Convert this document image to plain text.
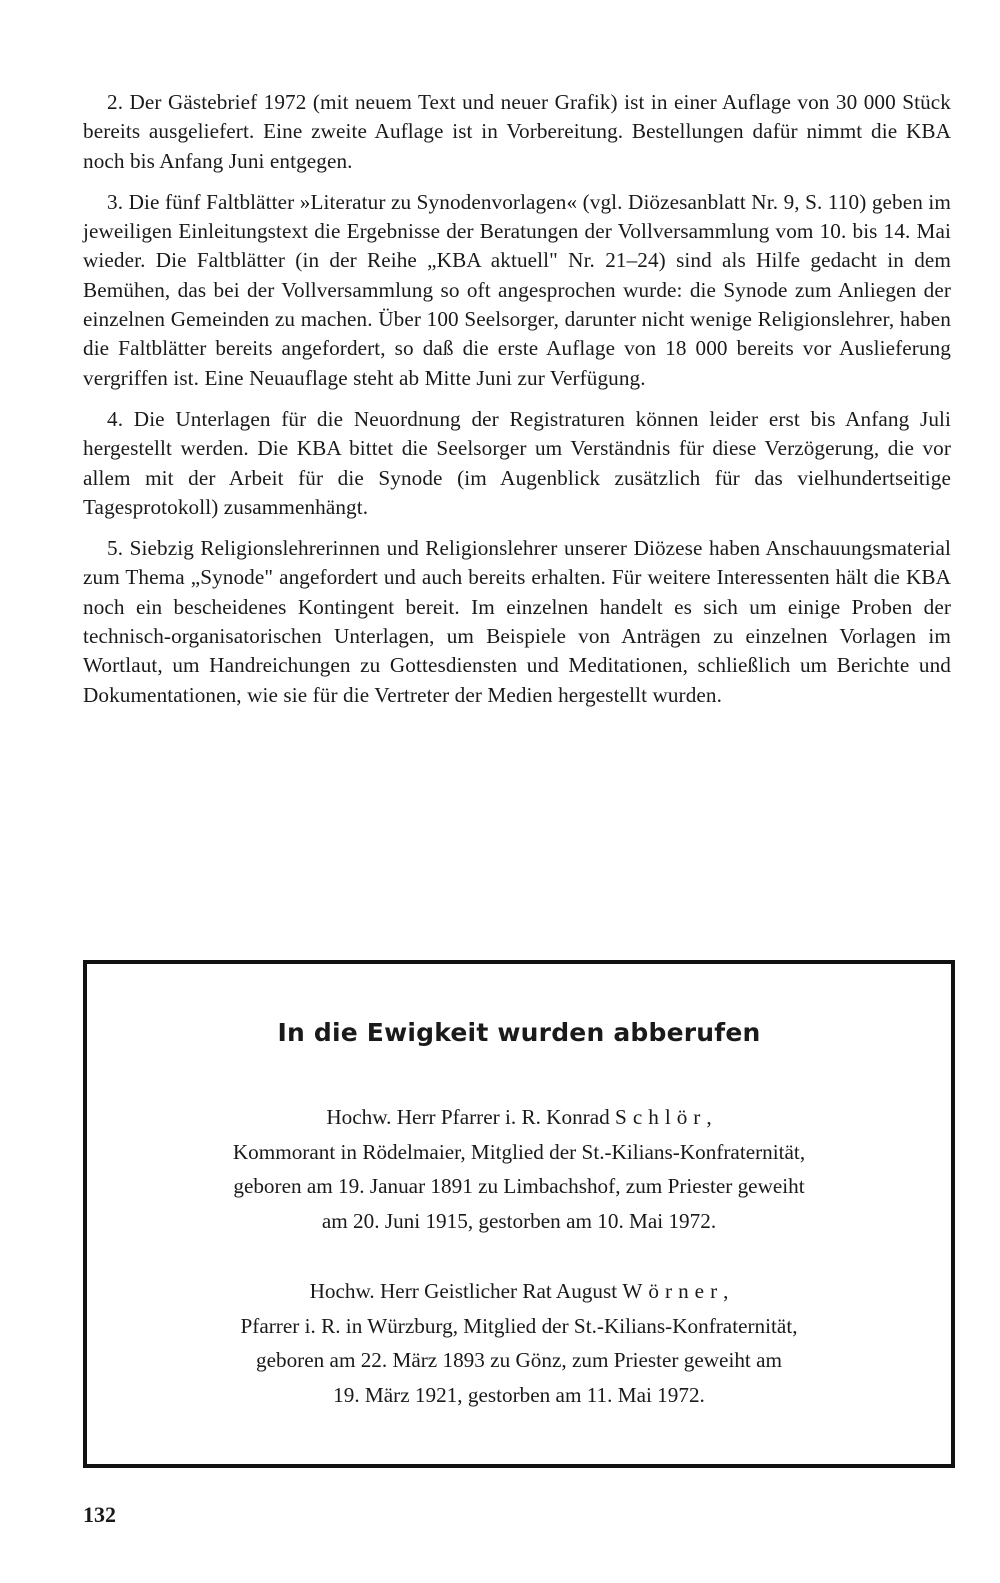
2. Der Gästebrief 1972 (mit neuem Text und neuer Grafik) ist in einer Auflage von 30 000 Stück bereits ausgeliefert. Eine zweite Auflage ist in Vorbereitung. Bestellungen dafür nimmt die KBA noch bis Anfang Juni entgegen.

3. Die fünf Faltblätter »Literatur zu Synodenvorlagen« (vgl. Diözesanblatt Nr. 9, S. 110) geben im jeweiligen Einleitungstext die Ergebnisse der Beratungen der Vollversammlung vom 10. bis 14. Mai wieder. Die Faltblätter (in der Reihe „KBA aktuell" Nr. 21–24) sind als Hilfe gedacht in dem Bemühen, das bei der Vollversammlung so oft angesprochen wurde: die Synode zum Anliegen der einzelnen Gemeinden zu machen. Über 100 Seelsorger, darunter nicht wenige Religionslehrer, haben die Faltblätter bereits angefordert, so daß die erste Auflage von 18 000 bereits vor Auslieferung vergriffen ist. Eine Neuauflage steht ab Mitte Juni zur Verfügung.

4. Die Unterlagen für die Neuordnung der Registraturen können leider erst bis Anfang Juli hergestellt werden. Die KBA bittet die Seelsorger um Verständnis für diese Verzögerung, die vor allem mit der Arbeit für die Synode (im Augenblick zusätzlich für das vielhundertseitige Tagesprotokoll) zusammenhängt.

5. Siebzig Religionslehrerinnen und Religionslehrer unserer Diözese haben Anschauungsmaterial zum Thema „Synode" angefordert und auch bereits erhalten. Für weitere Interessenten hält die KBA noch ein bescheidenes Kontingent bereit. Im einzelnen handelt es sich um einige Proben der technisch-organisatorischen Unterlagen, um Beispiele von Anträgen zu einzelnen Vorlagen im Wortlaut, um Handreichungen zu Gottesdiensten und Meditationen, schließlich um Berichte und Dokumentationen, wie sie für die Vertreter der Medien hergestellt wurden.

In die Ewigkeit wurden abberufen
Hochw. Herr Pfarrer i. R. Konrad Schlör,
Kommorant in Rödelmaier, Mitglied der St.-Kilians-Konfraternität,
geboren am 19. Januar 1891 zu Limbachshof, zum Priester geweiht
am 20. Juni 1915, gestorben am 10. Mai 1972.
Hochw. Herr Geistlicher Rat August Wörner,
Pfarrer i. R. in Würzburg, Mitglied der St.-Kilians-Konfraternität,
geboren am 22. März 1893 zu Gönz, zum Priester geweiht am
19. März 1921, gestorben am 11. Mai 1972.
132
